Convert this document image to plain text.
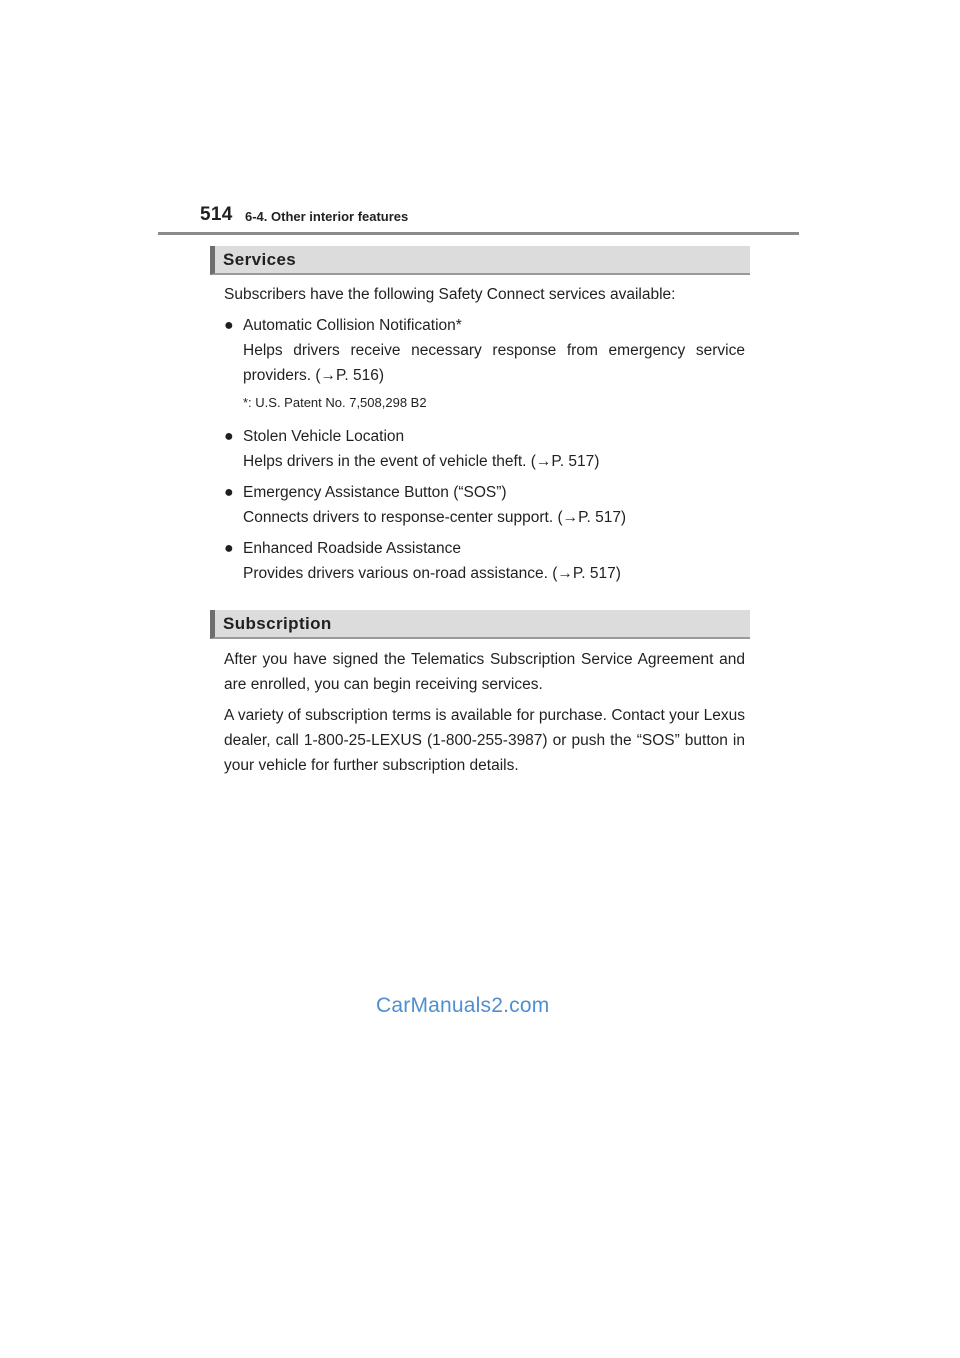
514 6-4. Other interior features
Services
Subscribers have the following Safety Connect services available:
● Automatic Collision Notification*
Helps drivers receive necessary response from emergency service providers. (→P. 516)
*: U.S. Patent No. 7,508,298 B2
● Stolen Vehicle Location
Helps drivers in the event of vehicle theft. (→P. 517)
● Emergency Assistance Button (“SOS”)
Connects drivers to response-center support. (→P. 517)
● Enhanced Roadside Assistance
Provides drivers various on-road assistance. (→P. 517)
Subscription
After you have signed the Telematics Subscription Service Agreement and are enrolled, you can begin receiving services.
A variety of subscription terms is available for purchase. Contact your Lexus dealer, call 1-800-25-LEXUS (1-800-255-3987) or push the “SOS” button in your vehicle for further subscription details.
CarManuals2.com
